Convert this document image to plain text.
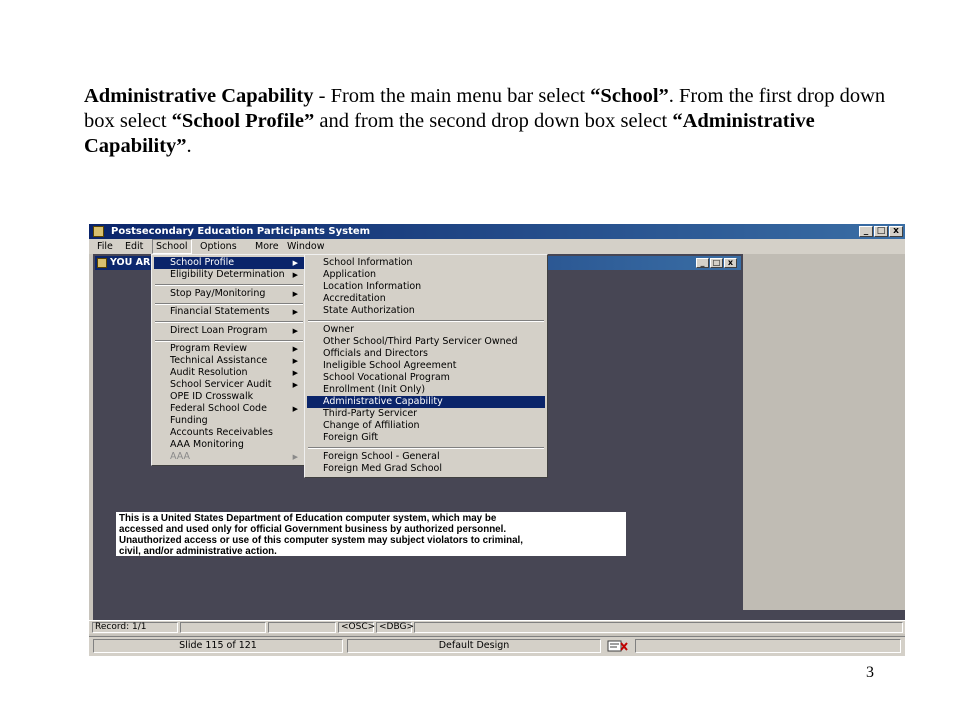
Administrative Capability - From the main menu bar select “School”. From the first drop down box select “School Profile” and from the second drop down box select “Administrative Capability”.
Postsecondary Education Participants System	_ □ x
File	Edit	School	Options	More Window
YOU AR	_	□ x
This is a United States Department of Education computer system, which may be
accessed and used only for official Government business by authorized personnel.
Unauthorized access or use of this computer system may subject violators to criminal,
civil, and/or administrative action.
School Profile	▶
Eligibility Determination ▶
Stop Pay/Monitoring	▶
Financial Statements	▶
Direct Loan Program	▶
Program Review	▶
Technical Assistance	▶
Audit Resolution	▶
School Servicer Audit	▶
OPE ID Crosswalk
Federal School Code	▶
Funding
Accounts Receivables
AAA Monitoring
AAA	▶
School Information
Application
Location Information
Accreditation
State Authorization
Owner
Other School/Third Party Servicer Owned
Officials and Directors
Ineligible School Agreement
School Vocational Program
Enrollment (Init Only)
Administrative Capability
Third-Party Servicer
Change of Affiliation
Foreign Gift
Foreign School - General
Foreign Med Grad School
Record: 1/1	<OSC> <DBG>
Slide 115 of 121	Default Design
3
